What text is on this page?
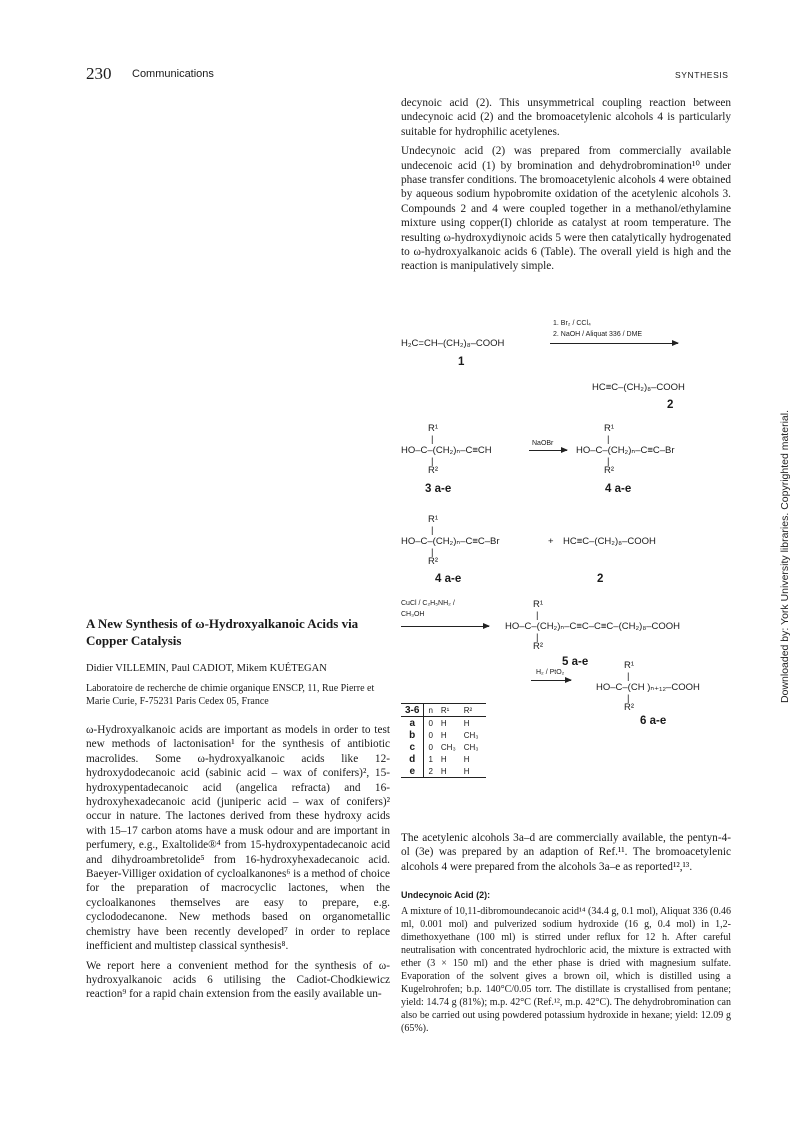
230 Communications	SYNTHESIS
Downloaded by: York University libraries. Copyrighted material.

decynoic acid (2). This unsymmetrical coupling reaction between undecynoic acid (2) and the bromoacetylenic alcohols 4 is particularly suitable for hydrophilic acetylenes.

Undecynoic acid (2) was prepared from commercially available undecenoic acid (1) by bromination and dehydrobromination¹⁰ under phase transfer conditions. The bromoacetylenic alcohols 4 were obtained by aqueous sodium hypobromite oxidation of the acetylenic alcohols 3. Compounds 2 and 4 were coupled together in a methanol/ethylamine mixture using copper(I) chloride as catalyst at room temperature. The resulting ω-hydroxydiynoic acids 5 were then catalytically hydrogenated to ω-hydroxyalkanoic acids 6 (Table). The overall yield is high and the reaction is manipulatively simple.

1. Br₂ / CCl₄
2. NaOH / Aliquat 336 / DME
H₂C=CH–(CH₂)₈–COOH
1
HC≡C–(CH₂)₈–COOH
2
R¹
|
HO–C–(CH₂)ₙ–C≡CH
|
R²
NaOBr
R¹
|
HO–C–(CH₂)ₙ–C≡C–Br
|
R²
3 a-e	4 a-e
R¹
|
HO–C–(CH₂)ₙ–C≡C–Br
|
R²
+ HC≡C–(CH₂)₈–COOH
4 a-e	2
CuCl / C₂H₅NH₂ /
CH₃OH
R¹
|
HO–C–(CH₂)ₙ–C≡C–C≡C–(CH₂)₈–COOH
|
R²
5 a-e
H₂ / PtO₂
R¹
|
HO–C–(CH )ₙ₊₁₂–COOH
|
R²
6 a-e
3-6	n	R¹	R²
a	0	H	H
b	0	H	CH₃
c	0	CH₃	CH₃
d	1	H	H
e	2	H	H
A New Synthesis of ω-Hydroxyalkanoic Acids via Copper Catalysis
Didier VILLEMIN, Paul CADIOT, Mikem KUÉTEGAN
Laboratoire de recherche de chimie organique ENSCP, 11, Rue Pierre et Marie Curie, F-75231 Paris Cedex 05, France

ω-Hydroxyalkanoic acids are important as models in order to test new methods of lactonisation¹ for the synthesis of antibiotic macrolides. Some ω-hydroxyalkanoic acids like 12-hydroxydodecanoic acid (sabinic acid – wax of conifers)², 15-hydroxypentadecanoic acid (angelica refracta) and 16-hydroxyhexadecanoic acid (juniperic acid – wax of conifers)² occur in nature. The lactones derived from these hydroxy acids with 15–17 carbon atoms have a musk odour and are important in perfumery, e.g., Exaltolide®⁴ from 15-hydroxypentadecanoic acid and dihydroambretolide⁵ from 16-hydroxyhexadecanoic acid. Baeyer-Villiger oxidation of cycloalkanones⁶ is a method of choice for the preparation of macrocyclic lactones, when the cycloalkanones themselves are easy to prepare, e.g. cyclododecanone. New methods based on organometallic chemistry have been recently developed⁷ in order to replace inefficient and multistep classical synthesis⁸.

We report here a convenient method for the synthesis of ω-hydroxyalkanoic acids 6 utilising the Cadiot-Chodkiewicz reaction⁹ for a rapid chain extension from the easily available un-

The acetylenic alcohols 3a–d are commercially available, the pentyn-4-ol (3e) was prepared by an adaption of Ref.¹¹. The bromoacetylenic alcohols 4 were prepared from the alcohols 3a–e as reported¹²,¹³.

Undecynoic Acid (2):

A mixture of 10,11-dibromoundecanoic acid¹⁴ (34.4 g, 0.1 mol), Aliquat 336 (0.46 ml, 0.001 mol) and pulverized sodium hydroxide (16 g, 0.4 mol) in 1,2-dimethoxyethane (100 ml) is stirred under reflux for 12 h. After careful neutralisation with concentrated hydrochloric acid, the mixture is extracted with ether (3 × 150 ml) and the ether phase is dried with magnesium sulfate. Evaporation of the solvent gives a brown oil, which is distilled using a Kugelrohrofen; b.p. 140°C/0.05 torr. The distillate is crystallised from pentane; yield: 14.74 g (81%); m.p. 42°C (Ref.¹², m.p. 42°C). The dehydrobromination can also be carried out using powdered potassium hydroxide in hexane; yield: 12.09 g (65%).
